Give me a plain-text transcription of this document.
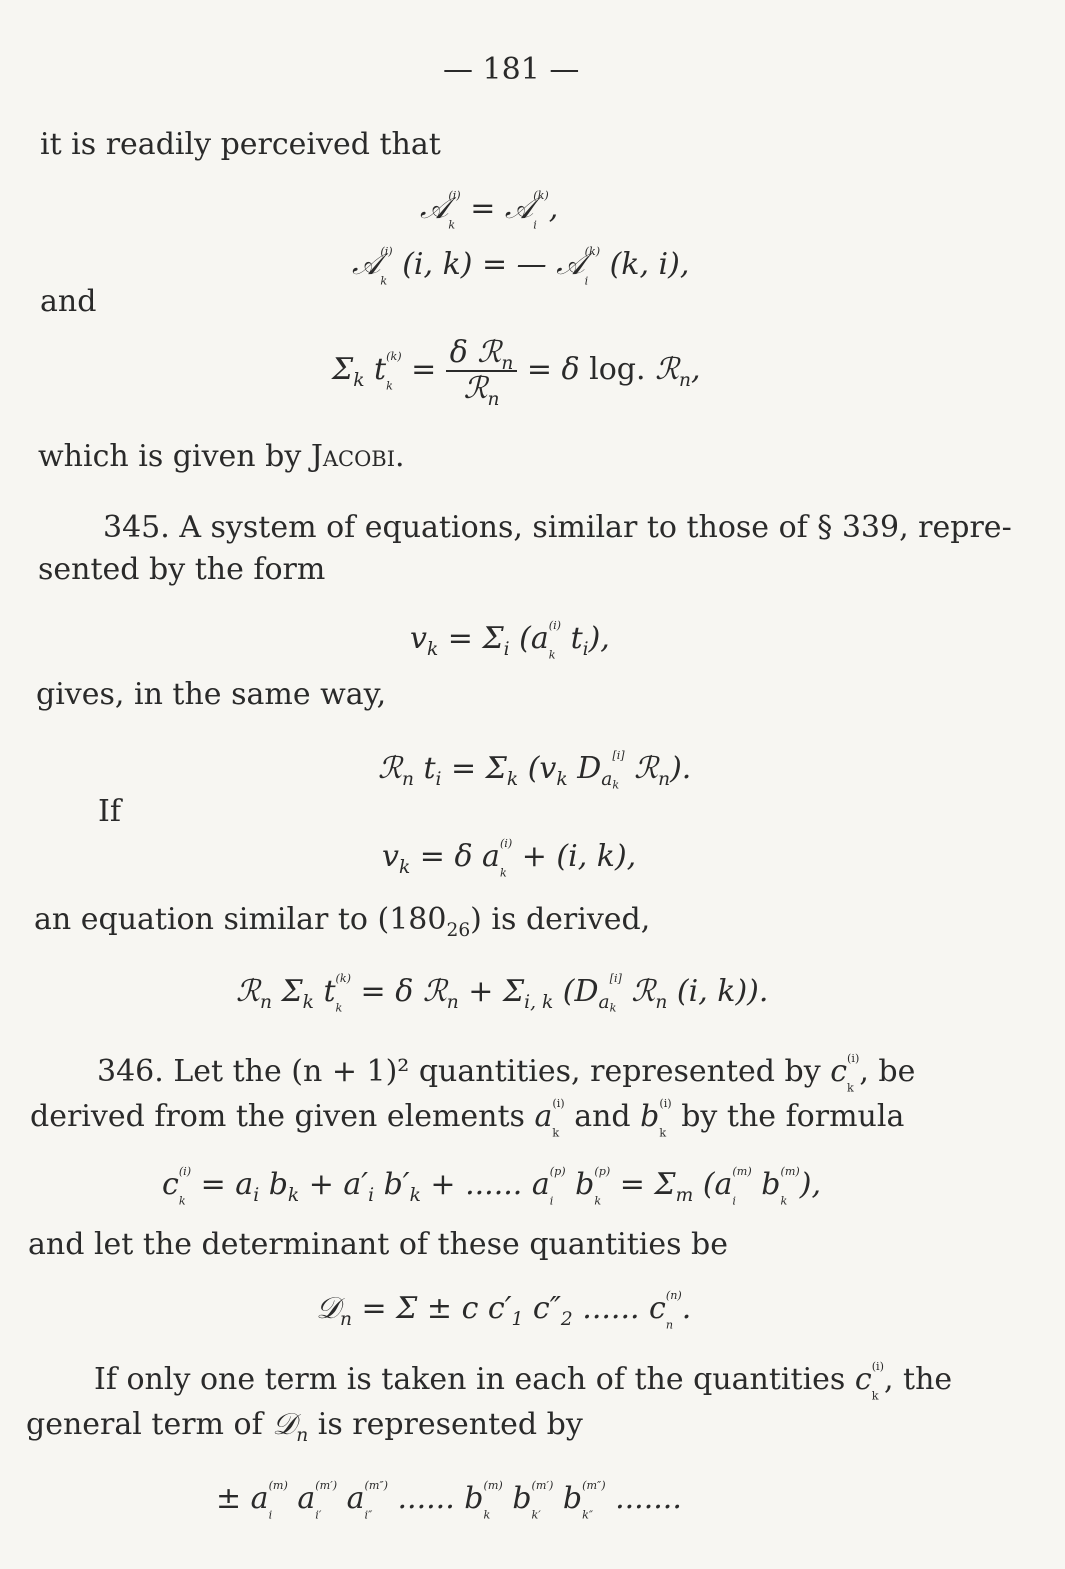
— 181 —
it is readily perceived that
𝒜$^{(i)}$
$_k$ = 𝒜$^{(k)}$
$_i$ ,
𝒜$^{(i)}$
$_k$ (i, k) = — 𝒜$^{(k)}$
$_i$ (k, i),
and
$\Sigma_k$ $t^{(k)}$
$_k = \frac{\delta ℛ_n}{ℛ_n} = \delta$ log. ℛ$_n$,
which is given by Jacobi.
345. A system of equations, similar to those of § 339, repre-
sented by the form
$v_k = \Sigma_i$ ($a^{(i)}$
$_k$ $t_i$),
gives, in the same way,
ℛ$_n$ $t_i = \Sigma_k$ ($v_k$ $D_a[i]$
$_k$ ℛ$_n$).
If
$v_k = \delta$ $a^{(i)}$
$_k$ + (i, k),
an equation similar to $(180_{26})$ is derived,
ℛ$_n$ $\Sigma_k$ $t^{(k)}$
$_k$ = δ ℛ$_n$ + $\Sigma_{i, k}$ ($D_a[i]$
$_k$ ℛ$_n$ (i, k)).
346. Let the (n + 1)² quantities, represented by $c^{(i)}$
$_k$ , be
derived from the given elements $a^{(i)}$
$_k$ and $b^{(i)}$
$_k$ by the formula
$c^{(i)}$
$_k = a_i$ $b_k + a'_i$ $b'_k$ + ...... $a^{(p)}$
$_i$ $b^{(p)}$
$_k = \Sigma_m$ ($a^{(m)}$
$_i$ $b^{(m)}$
$_k$ ),
and let the determinant of these quantities be
𝒟$_n$ = Σ ± c $c'_1$ $c''_2$ ...... $c^{(n)}$
$_n$ .
If only one term is taken in each of the quantities $c^{(i)}$
$_k$ , the
general term of 𝒟$_n$ is represented by
± $a^{(m)}$
$_i$ $a^{(m')}$
$_{i'}$ $a^{(m'')}$
$_{i''}$ ...... $b^{(m)}$
$_k$ $b^{(m')}$
$_{k'}$ $b^{(m'')}$
$_{k''}$ .......
